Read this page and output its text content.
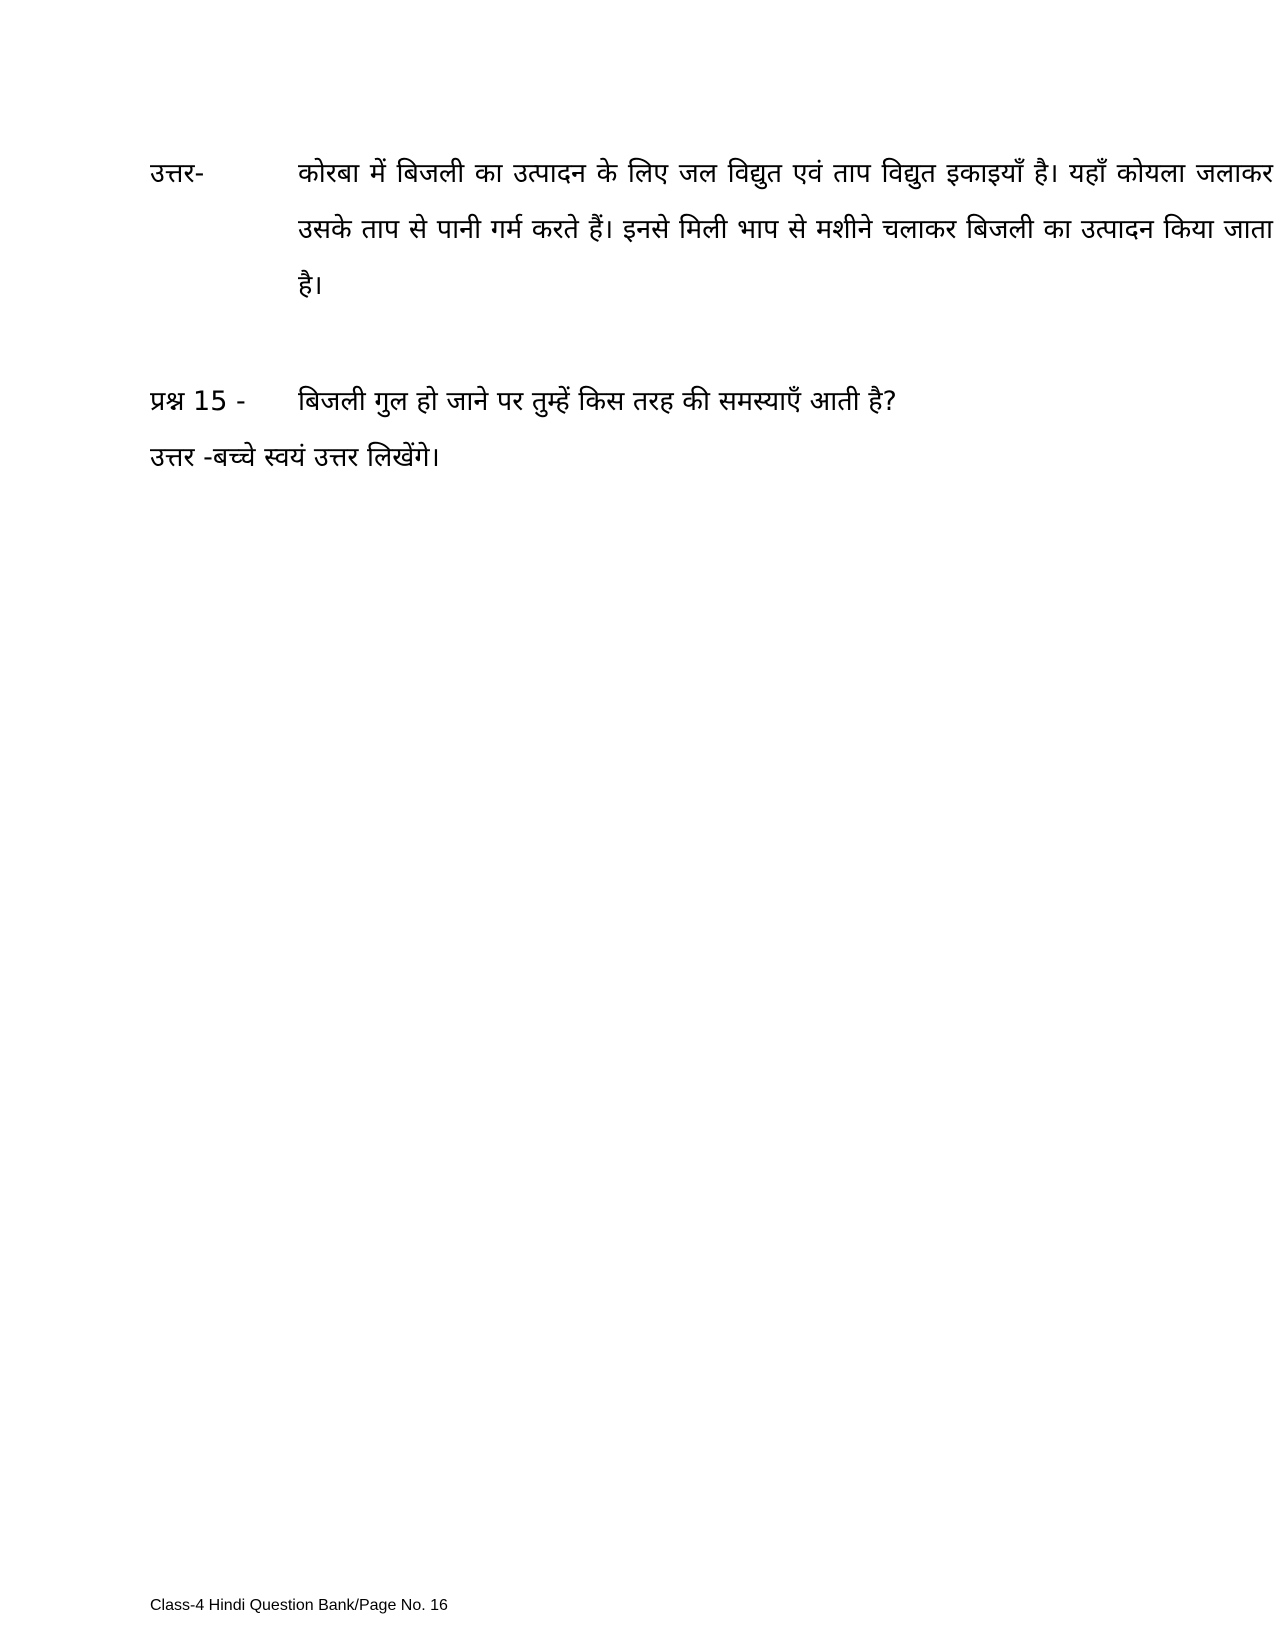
उत्तर-	कोरबा में बिजली का उत्पादन के लिए जल विद्युत एवं ताप विद्युत इकाइयाँ है। यहाँ कोयला जलाकर उसके ताप से पानी गर्म करते हैं। इनसे मिली भाप से मशीने चलाकर बिजली का उत्पादन किया जाता है।
प्रश्न 15 - बिजली गुल हो जाने पर तुम्हें किस तरह की समस्याएँ आती है?
उत्तर -बच्चे स्वयं उत्तर लिखेंगे।
Class-4 Hindi Question Bank/Page No. 16
